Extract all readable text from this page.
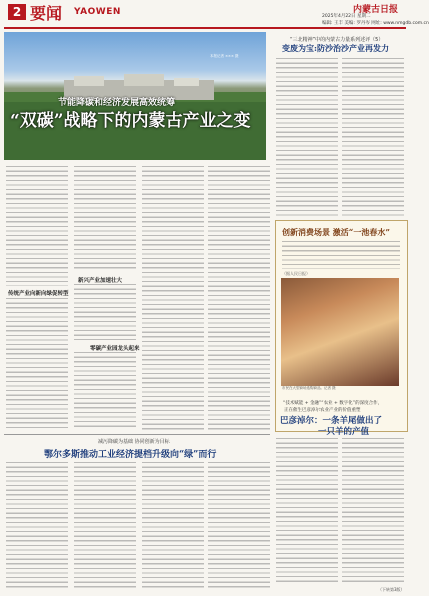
2 要闻 YAOWEN	内蒙古日报
2025年4月22日 星期二
编辑: 王丰 美编: 罗丹岑 网址: www.nmgdb.com.cn
本报记者 ××× 摄
节能降碳和经济发展高效统筹
“双碳”战略下的内蒙古产业之变
传统产业向新向绿促转型
新兴产业加速壮大
零碳产业园龙头起来
“三北精神”中的内蒙古力量系列述评（5）
变废为宝:防沙治沙产业再发力
创新消费场景 激活“一池春水”
（据人民日报）
市民在大型商场选购商品。记者 摄
“技术赋能 + 金融”“农业 + 数字化”的深度合作，
正在催生巴彦淖尔农业产业的价值重塑
巴彦淖尔：一条羊尾做出了
一只羊的产值
（下转第3版）
减污降碳为基础 协同创新为目标
鄂尔多斯推动工业经济提档升级向“绿”而行
